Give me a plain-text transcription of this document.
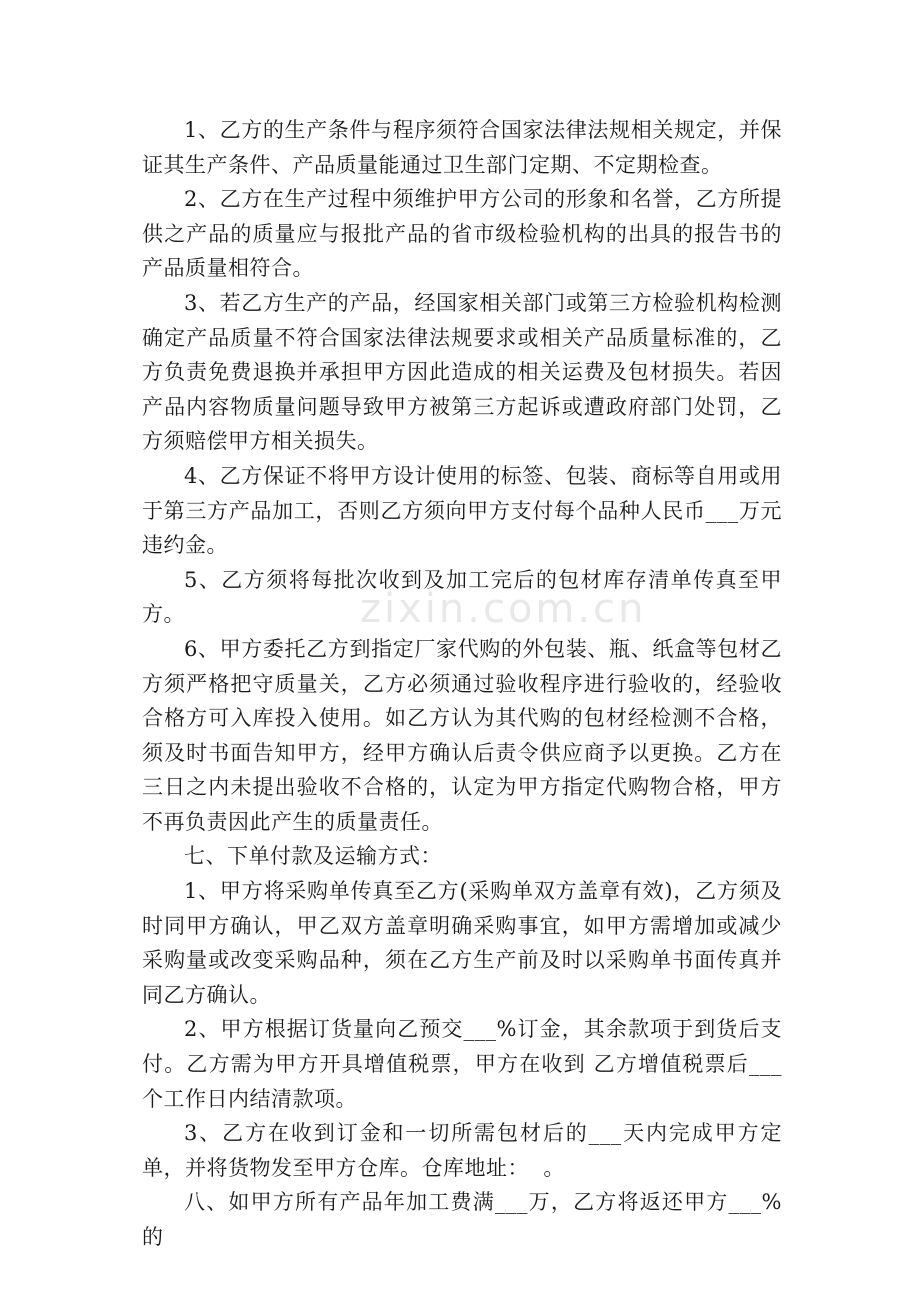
1、乙方的生产条件与程序须符合国家法律法规相关规定，并保证其生产条件、产品质量能通过卫生部门定期、不定期检查。

2、乙方在生产过程中须维护甲方公司的形象和名誉，乙方所提供之产品的质量应与报批产品的省市级检验机构的出具的报告书的产品质量相符合。

3、若乙方生产的产品，经国家相关部门或第三方检验机构检测确定产品质量不符合国家法律法规要求或相关产品质量标准的，乙方负责免费退换并承担甲方因此造成的相关运费及包材损失。若因产品内容物质量问题导致甲方被第三方起诉或遭政府部门处罚，乙方须赔偿甲方相关损失。

4、乙方保证不将甲方设计使用的标签、包装、商标等自用或用于第三方产品加工，否则乙方须向甲方支付每个品种人民币___万元违约金。

5、乙方须将每批次收到及加工完后的包材库存清单传真至甲方。

6、甲方委托乙方到指定厂家代购的外包装、瓶、纸盒等包材乙方须严格把守质量关，乙方必须通过验收程序进行验收的，经验收合格方可入库投入使用。如乙方认为其代购的包材经检测不合格，须及时书面告知甲方，经甲方确认后责令供应商予以更换。乙方在三日之内未提出验收不合格的，认定为甲方指定代购物合格，甲方不再负责因此产生的质量责任。

七、下单付款及运输方式：

1、甲方将采购单传真至乙方(采购单双方盖章有效)，乙方须及时同甲方确认，甲乙双方盖章明确采购事宜，如甲方需增加或减少采购量或改变采购品种，须在乙方生产前及时以采购单书面传真并同乙方确认。

2、甲方根据订货量向乙预交___%订金，其余款项于到货后支付。乙方需为甲方开具增值税票，甲方在收到 乙方增值税票后___个工作日内结清款项。

3、乙方在收到订金和一切所需包材后的___天内完成甲方定单，并将货物发至甲方仓库。仓库地址：  。

八、如甲方所有产品年加工费满___万，乙方将返还甲方___%的

zixin.com.cn
